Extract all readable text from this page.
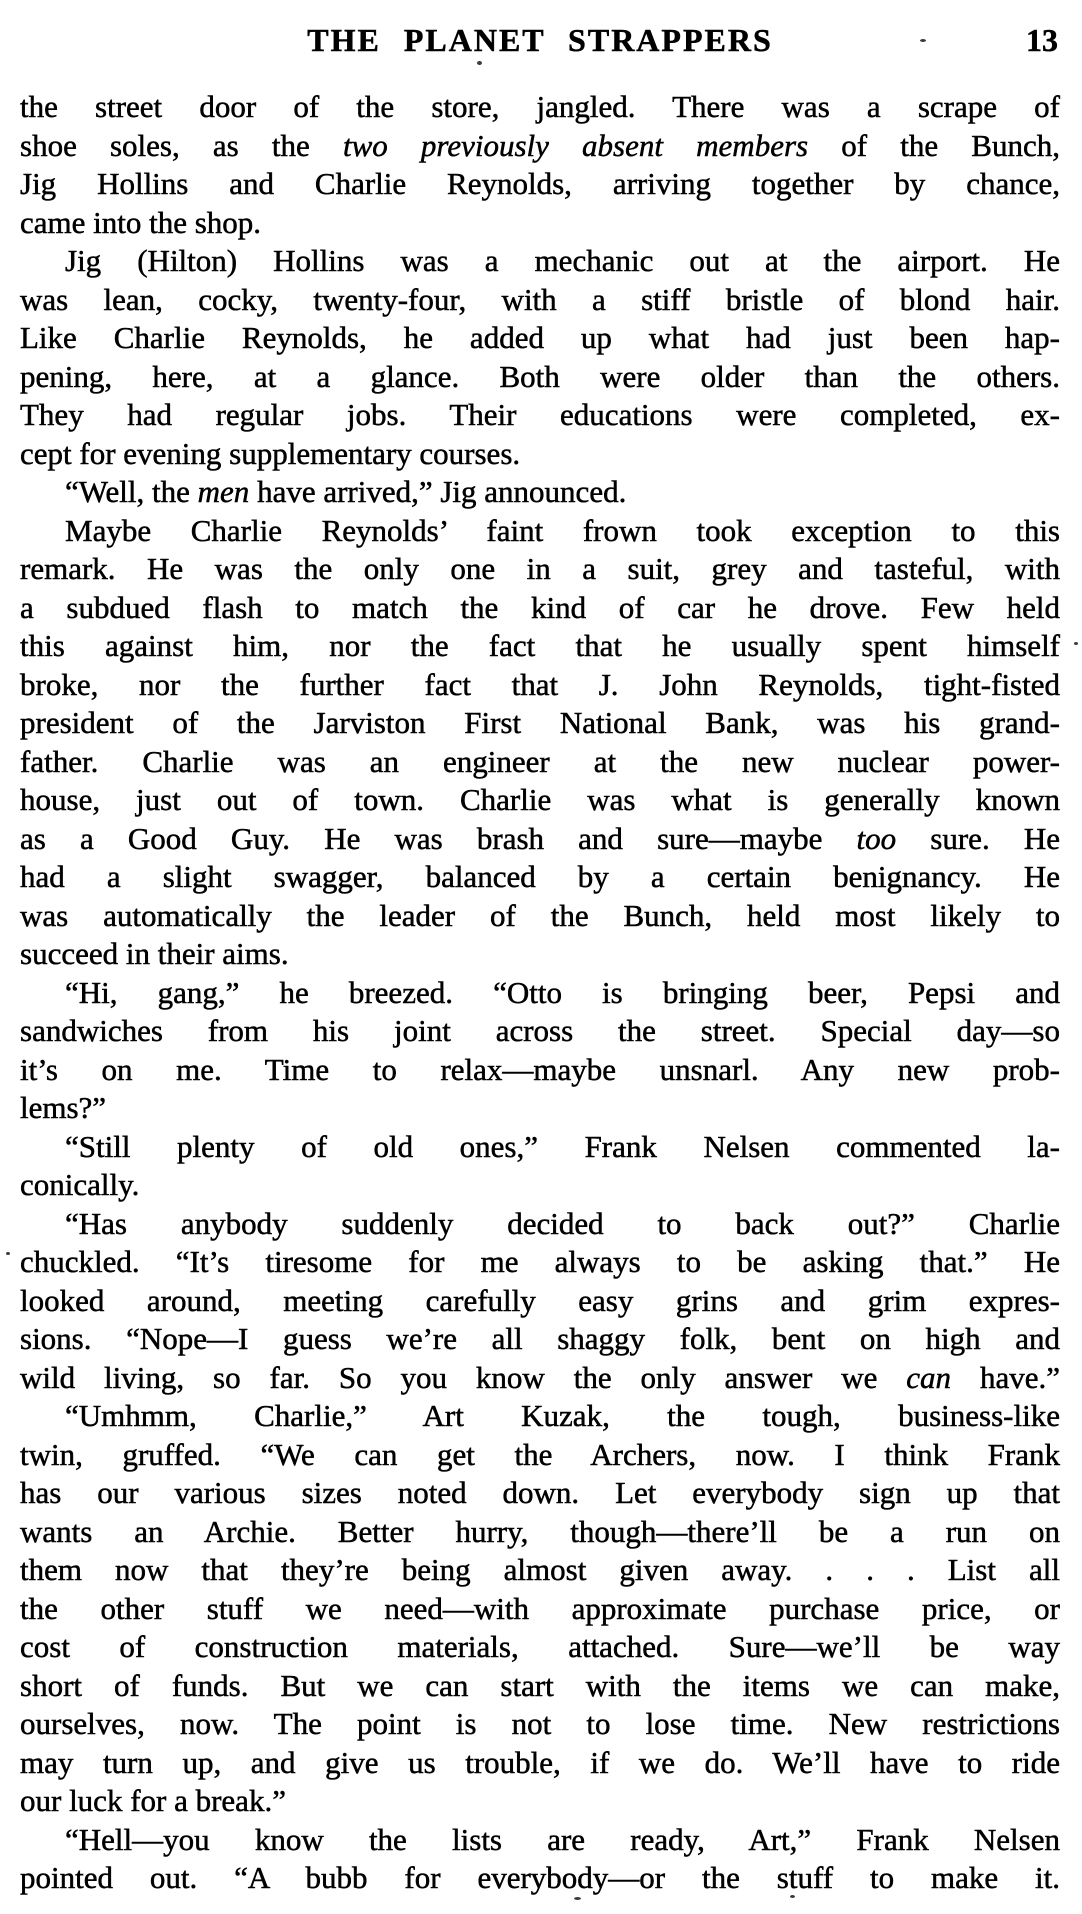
THE PLANET STRAPPERS	13
the street door of the store, jangled. There was a scrape of
shoe soles, as the two previously absent members of the Bunch,
Jig Hollins and Charlie Reynolds, arriving together by chance,
came into the shop.
Jig (Hilton) Hollins was a mechanic out at the airport. He
was lean, cocky, twenty-four, with a stiff bristle of blond hair.
Like Charlie Reynolds, he added up what had just been hap-
pening, here, at a glance. Both were older than the others.
They had regular jobs. Their educations were completed, ex-
cept for evening supplementary courses.
“Well, the men have arrived,” Jig announced.
Maybe Charlie Reynolds’ faint frown took exception to this
remark. He was the only one in a suit, grey and tasteful, with
a subdued flash to match the kind of car he drove. Few held
this against him, nor the fact that he usually spent himself
broke, nor the further fact that J. John Reynolds, tight-fisted
president of the Jarviston First National Bank, was his grand-
father. Charlie was an engineer at the new nuclear power-
house, just out of town. Charlie was what is generally known
as a Good Guy. He was brash and sure—maybe too sure. He
had a slight swagger, balanced by a certain benignancy. He
was automatically the leader of the Bunch, held most likely to
succeed in their aims.
“Hi, gang,” he breezed. “Otto is bringing beer, Pepsi and
sandwiches from his joint across the street. Special day—so
it’s on me. Time to relax—maybe unsnarl. Any new prob-
lems?”
“Still plenty of old ones,” Frank Nelsen commented la-
conically.
“Has anybody suddenly decided to back out?” Charlie
chuckled. “It’s tiresome for me always to be asking that.” He
looked around, meeting carefully easy grins and grim expres-
sions. “Nope—I guess we’re all shaggy folk, bent on high and
wild living, so far. So you know the only answer we can have.”
“Umhmm, Charlie,” Art Kuzak, the tough, business-like
twin, gruffed. “We can get the Archers, now. I think Frank
has our various sizes noted down. Let everybody sign up that
wants an Archie. Better hurry, though—there’ll be a run on
them now that they’re being almost given away. . . . List all
the other stuff we need—with approximate purchase price, or
cost of construction materials, attached. Sure—we’ll be way
short of funds. But we can start with the items we can make,
ourselves, now. The point is not to lose time. New restrictions
may turn up, and give us trouble, if we do. We’ll have to ride
our luck for a break.”
“Hell—you know the lists are ready, Art,” Frank Nelsen
pointed out. “A bubb for everybody—or the stuff to make it.
